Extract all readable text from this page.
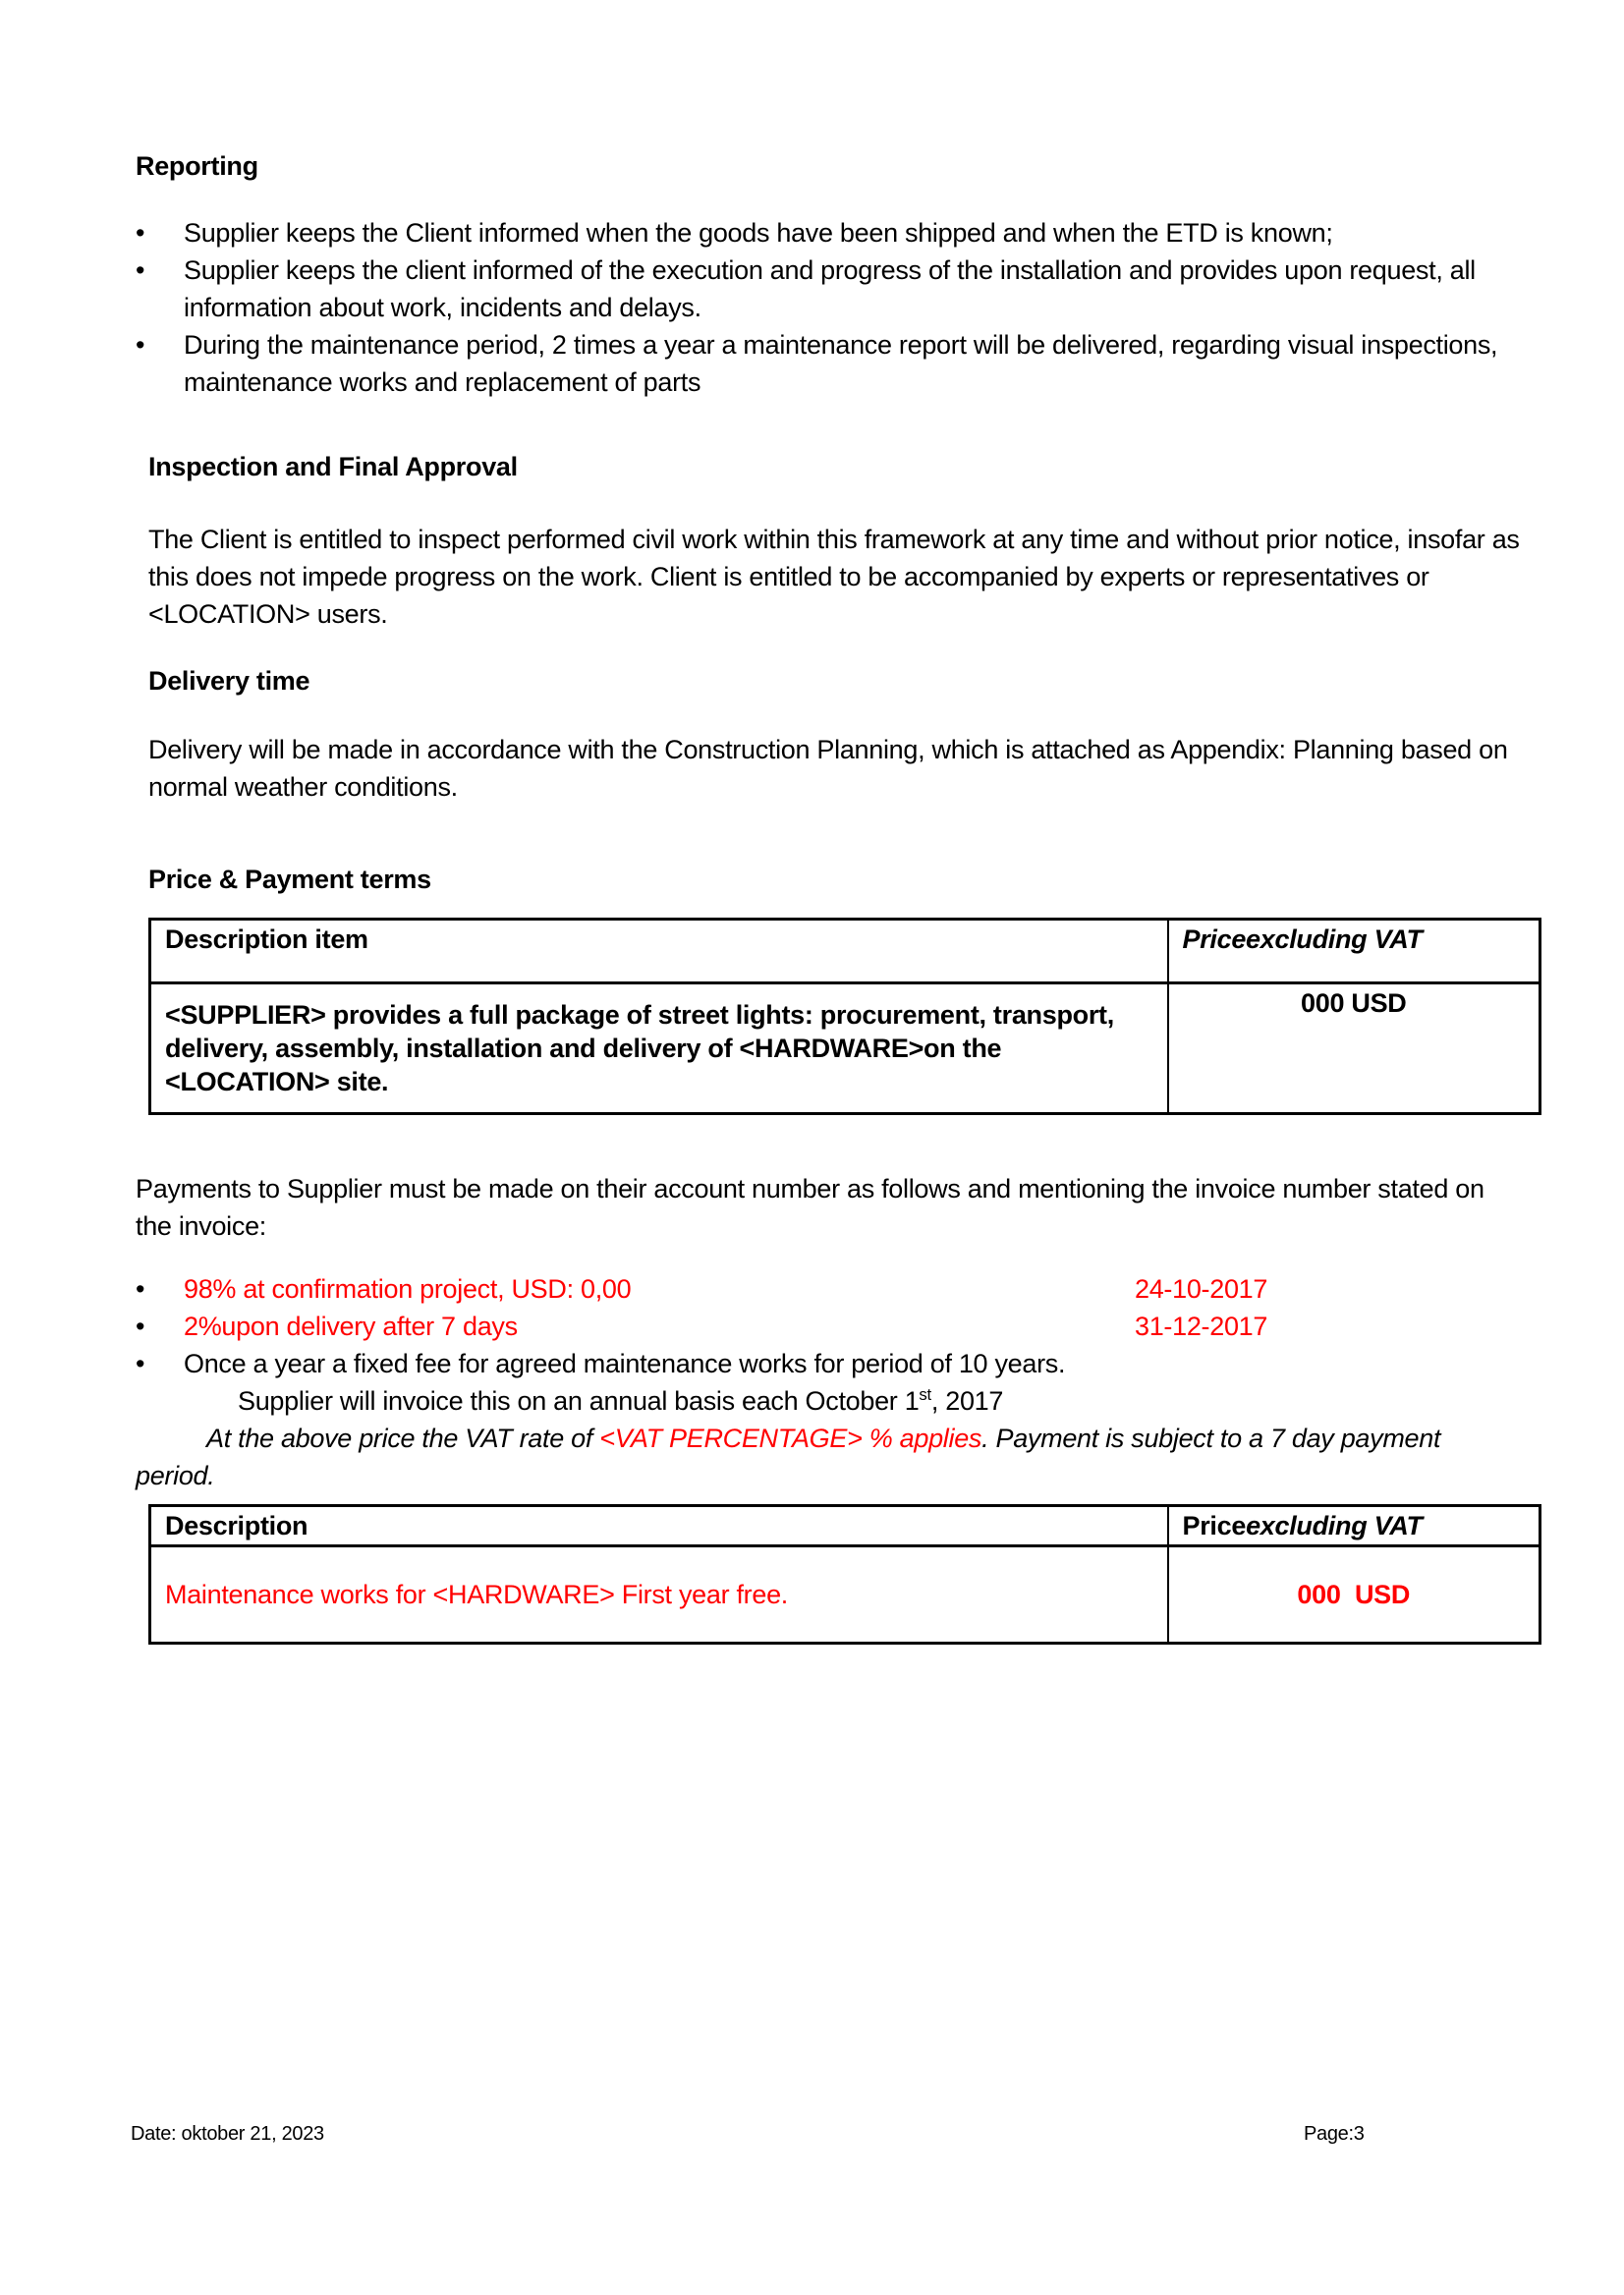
Reporting

•	Supplier keeps the Client informed when the goods have been shipped and when the ETD is known;
•	Supplier keeps the client informed of the execution and progress of the installation and provides upon request, all information about work, incidents and delays.
•	During the maintenance period, 2 times a year a maintenance report will be delivered, regarding visual inspections, maintenance works and replacement of parts

Inspection and Final Approval

The Client is entitled to inspect performed civil work within this framework at any time and without prior notice, insofar as this does not impede progress on the work. Client is entitled to be accompanied by experts or representatives or <LOCATION> users.

Delivery time

Delivery will be made in accordance with the Construction Planning, which is attached as Appendix: Planning based on normal weather conditions.

Price & Payment terms

Description item	Priceexcluding VAT
<SUPPLIER> provides a full package of street lights: procurement, transport, delivery, assembly, installation and delivery of <HARDWARE>on the <LOCATION> site.	000 USD

Payments to Supplier must be made on their account number as follows and mentioning the invoice number stated on the invoice:

•	98% at confirmation project, USD: 0,00	24-10-2017
•	2%upon delivery after 7 days	31-12-2017
•	Once a year a fixed fee for agreed maintenance works for period of 10 years.
Supplier will invoice this on an annual basis each October 1st, 2017

At the above price the VAT rate of <VAT PERCENTAGE> % applies. Payment is subject to a 7 day payment
period.

Description	Priceexcluding VAT
Maintenance works for <HARDWARE> First year free.	000  USD
Date: oktober 21, 2023	Page:3
